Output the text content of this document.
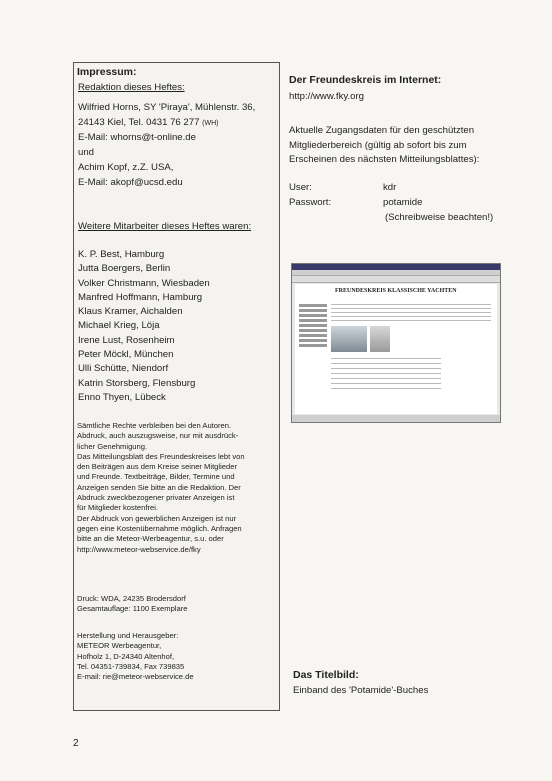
Impressum:
Redaktion dieses Heftes:
Wilfried Horns, SY 'Piraya', Mühlenstr. 36,
24143 Kiel, Tel. 0431 76 277 (WH)
E-Mail: whorns@t-online.de
und
Achim Kopf, z.Z. USA,
E-Mail: akopf@ucsd.edu
Weitere Mitarbeiter dieses Heftes waren:
K. P. Best, Hamburg
Jutta Boergers, Berlin
Volker Christmann, Wiesbaden
Manfred Hoffmann, Hamburg
Klaus Kramer, Aichalden
Michael Krieg, Löja
Irene Lust, Rosenheim
Peter Möckl, München
Ulli Schütte, Niendorf
Katrin Storsberg, Flensburg
Enno Thyen, Lübeck
Sämtliche Rechte verbleiben bei den Autoren.
Abdruck, auch auszugsweise, nur mit ausdrück-
licher Genehmigung.
Das Mitteilungsblatt des Freundeskreises lebt von
den Beiträgen aus dem Kreise seiner Mitglieder
und Freunde. Textbeiträge, Bilder, Termine und
Anzeigen senden Sie bitte an die Redaktion. Der
Abdruck zweckbezogener privater Anzeigen ist
für Mitglieder kostenfrei.
Der Abdruck von gewerblichen Anzeigen ist nur
gegen eine Kostenübernahme möglich. Anfragen
bitte an die Meteor-Werbeagentur, s.u. oder
http://www.meteor-webservice.de/fky
Druck: WDA, 24235 Brodersdorf
Gesamtauflage: 1100 Exemplare
Herstellung und Herausgeber:
METEOR Werbeagentur,
Hofholz 1, D-24340 Altenhof,
Tel. 04351-739834, Fax 739835
E-mail: rie@meteor-webservice.de
Der Freundeskreis im Internet:
http://www.fky.org
Aktuelle Zugangsdaten für den geschützten
Mitgliederbereich (gültig ab sofort bis zum
Erscheinen des nächsten Mitteilungsblattes):
User:	kdr
Passwort:	potamide
(Schreibweise beachten!)
FREUNDESKREIS KLASSISCHE YACHTEN
Das Titelbild:
Einband des 'Potamide'-Buches
2
